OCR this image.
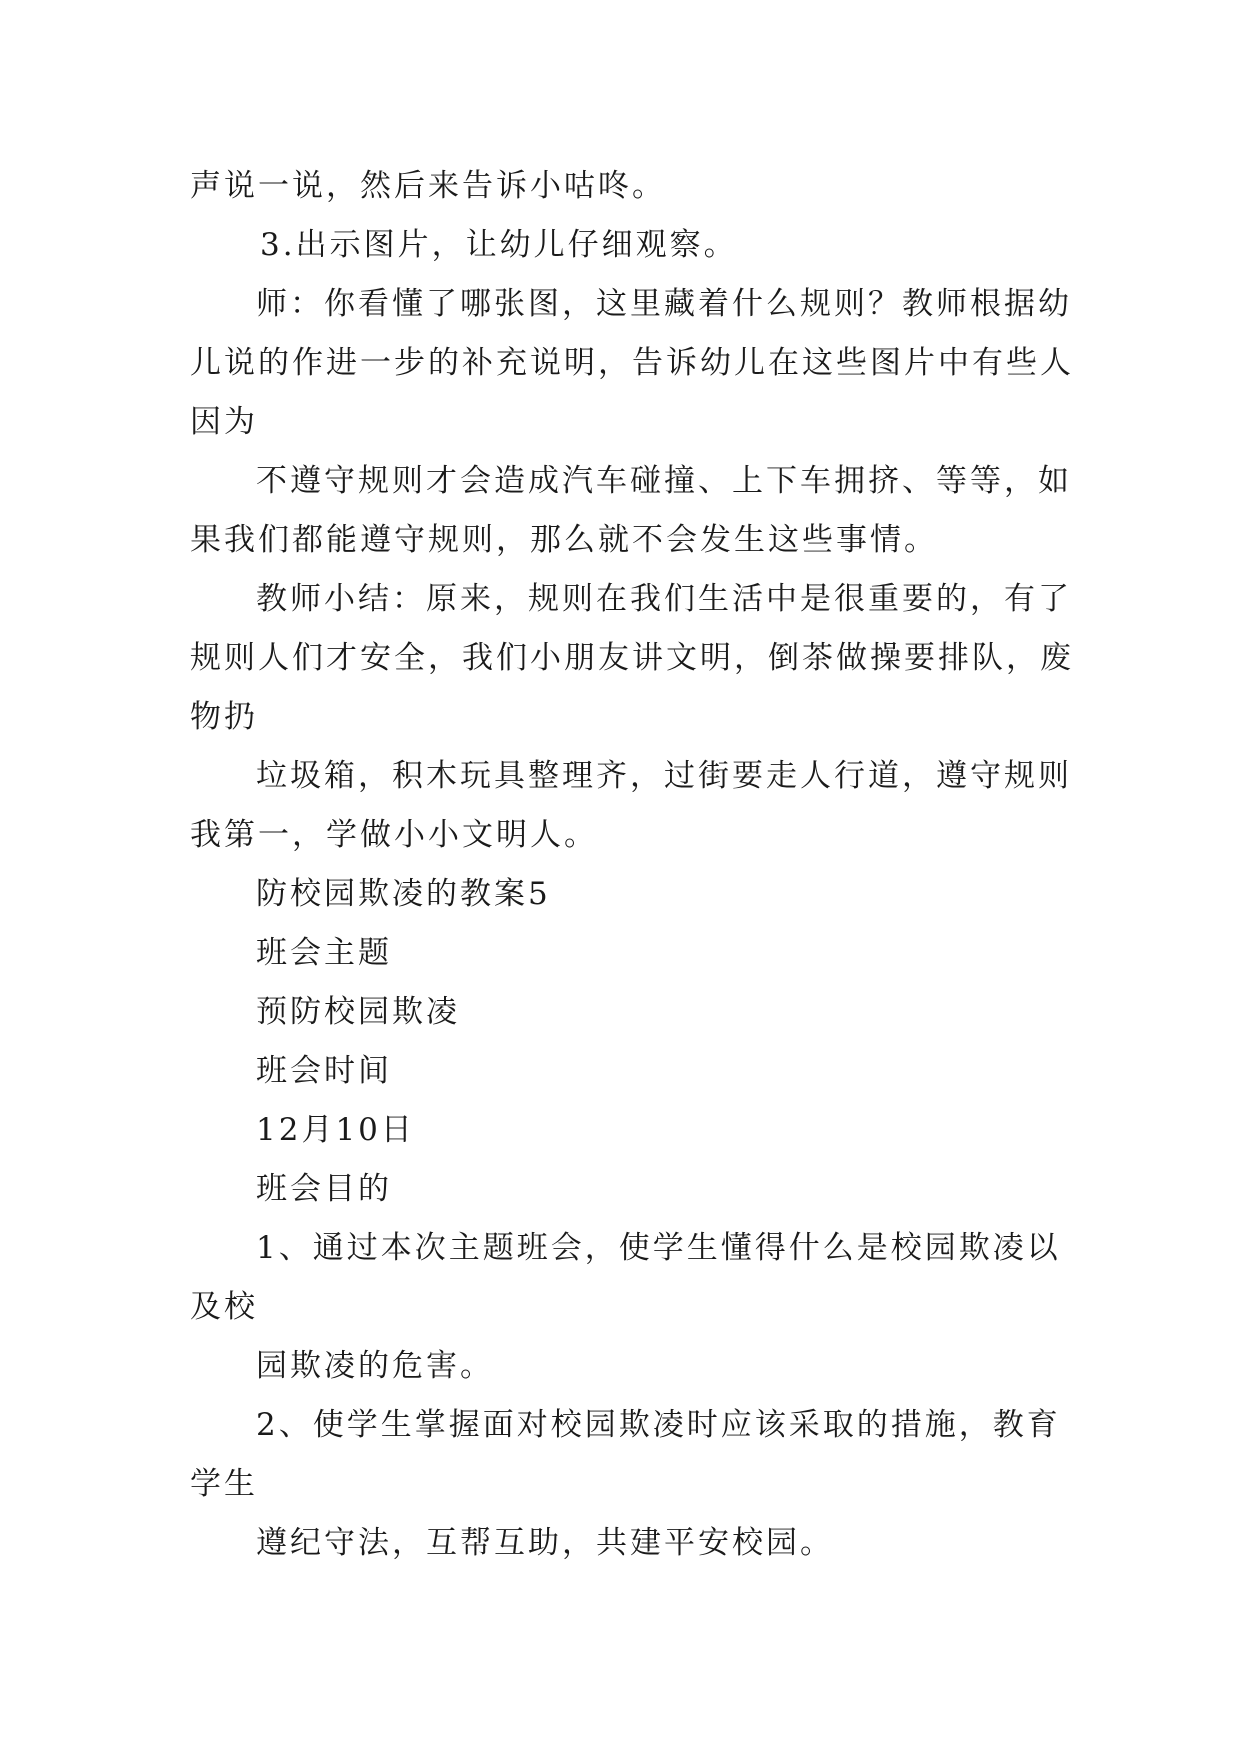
声说一说，然后来告诉小咕咚。
3.出示图片，让幼儿仔细观察。
师：你看懂了哪张图，这里藏着什么规则？教师根据幼
儿说的作进一步的补充说明，告诉幼儿在这些图片中有些人
因为
不遵守规则才会造成汽车碰撞、上下车拥挤、等等，如
果我们都能遵守规则，那么就不会发生这些事情。
教师小结：原来，规则在我们生活中是很重要的，有了
规则人们才安全，我们小朋友讲文明，倒茶做操要排队，废
物扔
垃圾箱，积木玩具整理齐，过街要走人行道，遵守规则
我第一，学做小小文明人。
防校园欺凌的教案5
班会主题
预防校园欺凌
班会时间
12月10日
班会目的
1、通过本次主题班会，使学生懂得什么是校园欺凌以
及校
园欺凌的危害。
2、使学生掌握面对校园欺凌时应该采取的措施，教育
学生
遵纪守法，互帮互助，共建平安校园。
